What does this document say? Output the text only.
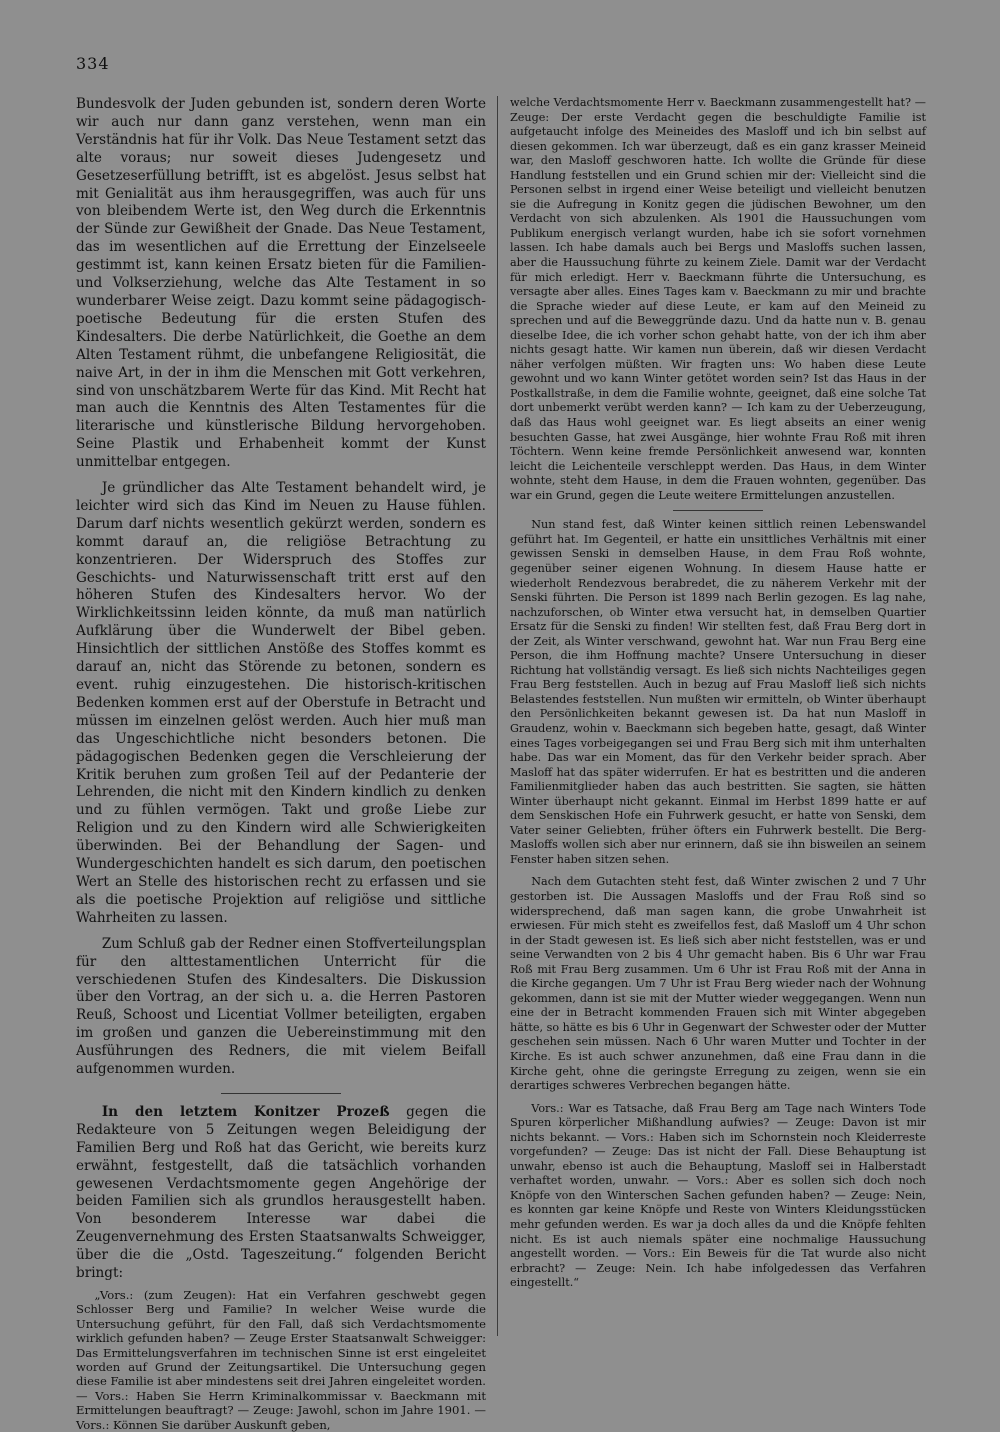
334

Bundesvolk der Juden gebunden ist, sondern deren Worte wir auch nur dann ganz verstehen, wenn man ein Verständnis hat für ihr Volk. Das Neue Testament setzt das alte voraus; nur soweit dieses Judengesetz und Gesetzeserfüllung betrifft, ist es abgelöst. Jesus selbst hat mit Genialität aus ihm herausgegriffen, was auch für uns von bleibendem Werte ist, den Weg durch die Erkenntnis der Sünde zur Gewißheit der Gnade. Das Neue Testament, das im wesentlichen auf die Errettung der Einzelseele gestimmt ist, kann keinen Ersatz bieten für die Familien- und Volkserziehung, welche das Alte Testament in so wunderbarer Weise zeigt. Dazu kommt seine pädagogisch-poetische Bedeutung für die ersten Stufen des Kindesalters. Die derbe Natürlichkeit, die Goethe an dem Alten Testament rühmt, die unbefangene Religiosität, die naive Art, in der in ihm die Menschen mit Gott verkehren, sind von unschätzbarem Werte für das Kind. Mit Recht hat man auch die Kenntnis des Alten Testamentes für die literarische und künstlerische Bildung hervorgehoben. Seine Plastik und Erhabenheit kommt der Kunst unmittelbar entgegen.

Je gründlicher das Alte Testament behandelt wird, je leichter wird sich das Kind im Neuen zu Hause fühlen. Darum darf nichts wesentlich gekürzt werden, sondern es kommt darauf an, die religiöse Betrachtung zu konzentrieren. Der Widerspruch des Stoffes zur Geschichts- und Naturwissenschaft tritt erst auf den höheren Stufen des Kindesalters hervor. Wo der Wirklichkeitssinn leiden könnte, da muß man natürlich Aufklärung über die Wunderwelt der Bibel geben. Hinsichtlich der sittlichen Anstöße des Stoffes kommt es darauf an, nicht das Störende zu betonen, sondern es event. ruhig einzugestehen. Die historisch-kritischen Bedenken kommen erst auf der Oberstufe in Betracht und müssen im einzelnen gelöst werden. Auch hier muß man das Ungeschichtliche nicht besonders betonen. Die pädagogischen Bedenken gegen die Verschleierung der Kritik beruhen zum großen Teil auf der Pedanterie der Lehrenden, die nicht mit den Kindern kindlich zu denken und zu fühlen vermögen. Takt und große Liebe zur Religion und zu den Kindern wird alle Schwierigkeiten überwinden. Bei der Behandlung der Sagen- und Wundergeschichten handelt es sich darum, den poetischen Wert an Stelle des historischen recht zu erfassen und sie als die poetische Projektion auf religiöse und sittliche Wahrheiten zu lassen.

Zum Schluß gab der Redner einen Stoffverteilungsplan für den alttestamentlichen Unterricht für die verschiedenen Stufen des Kindesalters. Die Diskussion über den Vortrag, an der sich u. a. die Herren Pastoren Reuß, Schoost und Licentiat Vollmer beteiligten, ergaben im großen und ganzen die Uebereinstimmung mit den Ausführungen des Redners, die mit vielem Beifall aufgenommen wurden.

In den letztem Konitzer Prozeß gegen die Redakteure von 5 Zeitungen wegen Beleidigung der Familien Berg und Roß hat das Gericht, wie bereits kurz erwähnt, festgestellt, daß die tatsächlich vorhanden gewesenen Verdachtsmomente gegen Angehörige der beiden Familien sich als grundlos herausgestellt haben. Von besonderem Interesse war dabei die Zeugenvernehmung des Ersten Staatsanwalts Schweigger, über die die „Ostd. Tageszeitung.“ folgenden Bericht bringt:

„Vors.: (zum Zeugen): Hat ein Verfahren geschwebt gegen Schlosser Berg und Familie? In welcher Weise wurde die Untersuchung geführt, für den Fall, daß sich Verdachtsmomente wirklich gefunden haben? — Zeuge Erster Staatsanwalt Schweigger: Das Ermittelungsverfahren im technischen Sinne ist erst eingeleitet worden auf Grund der Zeitungsartikel. Die Untersuchung gegen diese Familie ist aber mindestens seit drei Jahren eingeleitet worden. — Vors.: Haben Sie Herrn Kriminalkommissar v. Baeckmann mit Ermittelungen beauftragt? — Zeuge: Jawohl, schon im Jahre 1901. — Vors.: Können Sie darüber Auskunft geben,

welche Verdachtsmomente Herr v. Baeckmann zusammengestellt hat? — Zeuge: Der erste Verdacht gegen die beschuldigte Familie ist aufgetaucht infolge des Meineides des Masloff und ich bin selbst auf diesen gekommen. Ich war überzeugt, daß es ein ganz krasser Meineid war, den Masloff geschworen hatte. Ich wollte die Gründe für diese Handlung feststellen und ein Grund schien mir der: Vielleicht sind die Personen selbst in irgend einer Weise beteiligt und vielleicht benutzen sie die Aufregung in Konitz gegen die jüdischen Bewohner, um den Verdacht von sich abzulenken. Als 1901 die Haussuchungen vom Publikum energisch verlangt wurden, habe ich sie sofort vornehmen lassen. Ich habe damals auch bei Bergs und Masloffs suchen lassen, aber die Haussuchung führte zu keinem Ziele. Damit war der Verdacht für mich erledigt. Herr v. Baeckmann führte die Untersuchung, es versagte aber alles. Eines Tages kam v. Baeckmann zu mir und brachte die Sprache wieder auf diese Leute, er kam auf den Meineid zu sprechen und auf die Beweggründe dazu. Und da hatte nun v. B. genau dieselbe Idee, die ich vorher schon gehabt hatte, von der ich ihm aber nichts gesagt hatte. Wir kamen nun überein, daß wir diesen Verdacht näher verfolgen müßten. Wir fragten uns: Wo haben diese Leute gewohnt und wo kann Winter getötet worden sein? Ist das Haus in der Postkallstraße, in dem die Familie wohnte, geeignet, daß eine solche Tat dort unbemerkt verübt werden kann? — Ich kam zu der Ueberzeugung, daß das Haus wohl geeignet war. Es liegt abseits an einer wenig besuchten Gasse, hat zwei Ausgänge, hier wohnte Frau Roß mit ihren Töchtern. Wenn keine fremde Persönlichkeit anwesend war, konnten leicht die Leichenteile verschleppt werden. Das Haus, in dem Winter wohnte, steht dem Hause, in dem die Frauen wohnten, gegenüber. Das war ein Grund, gegen die Leute weitere Ermittelungen anzustellen.

Nun stand fest, daß Winter keinen sittlich reinen Lebenswandel geführt hat. Im Gegenteil, er hatte ein unsittliches Verhältnis mit einer gewissen Senski in demselben Hause, in dem Frau Roß wohnte, gegenüber seiner eigenen Wohnung. In diesem Hause hatte er wiederholt Rendezvous berabredet, die zu näherem Verkehr mit der Senski führten. Die Person ist 1899 nach Berlin gezogen. Es lag nahe, nachzuforschen, ob Winter etwa versucht hat, in demselben Quartier Ersatz für die Senski zu finden! Wir stellten fest, daß Frau Berg dort in der Zeit, als Winter verschwand, gewohnt hat. War nun Frau Berg eine Person, die ihm Hoffnung machte? Unsere Untersuchung in dieser Richtung hat vollständig versagt. Es ließ sich nichts Nachteiliges gegen Frau Berg feststellen. Auch in bezug auf Frau Masloff ließ sich nichts Belastendes feststellen. Nun mußten wir ermitteln, ob Winter überhaupt den Persönlichkeiten bekannt gewesen ist. Da hat nun Masloff in Graudenz, wohin v. Baeckmann sich begeben hatte, gesagt, daß Winter eines Tages vorbeigegangen sei und Frau Berg sich mit ihm unterhalten habe. Das war ein Moment, das für den Verkehr beider sprach. Aber Masloff hat das später widerrufen. Er hat es bestritten und die anderen Familienmitglieder haben das auch bestritten. Sie sagten, sie hätten Winter überhaupt nicht gekannt. Einmal im Herbst 1899 hatte er auf dem Senskischen Hofe ein Fuhrwerk gesucht, er hatte von Senski, dem Vater seiner Geliebten, früher öfters ein Fuhrwerk bestellt. Die Berg-Masloffs wollen sich aber nur erinnern, daß sie ihn bisweilen an seinem Fenster haben sitzen sehen.

Nach dem Gutachten steht fest, daß Winter zwischen 2 und 7 Uhr gestorben ist. Die Aussagen Masloffs und der Frau Roß sind so widersprechend, daß man sagen kann, die grobe Unwahrheit ist erwiesen. Für mich steht es zweifellos fest, daß Masloff um 4 Uhr schon in der Stadt gewesen ist. Es ließ sich aber nicht feststellen, was er und seine Verwandten von 2 bis 4 Uhr gemacht haben. Bis 6 Uhr war Frau Roß mit Frau Berg zusammen. Um 6 Uhr ist Frau Roß mit der Anna in die Kirche gegangen. Um 7 Uhr ist Frau Berg wieder nach der Wohnung gekommen, dann ist sie mit der Mutter wieder weggegangen. Wenn nun eine der in Betracht kommenden Frauen sich mit Winter abgegeben hätte, so hätte es bis 6 Uhr in Gegenwart der Schwester oder der Mutter geschehen sein müssen. Nach 6 Uhr waren Mutter und Tochter in der Kirche. Es ist auch schwer anzunehmen, daß eine Frau dann in die Kirche geht, ohne die geringste Erregung zu zeigen, wenn sie ein derartiges schweres Verbrechen begangen hätte.

Vors.: War es Tatsache, daß Frau Berg am Tage nach Winters Tode Spuren körperlicher Mißhandlung aufwies? — Zeuge: Davon ist mir nichts bekannt. — Vors.: Haben sich im Schornstein noch Kleiderreste vorgefunden? — Zeuge: Das ist nicht der Fall. Diese Behauptung ist unwahr, ebenso ist auch die Behauptung, Masloff sei in Halberstadt verhaftet worden, unwahr. — Vors.: Aber es sollen sich doch noch Knöpfe von den Winterschen Sachen gefunden haben? — Zeuge: Nein, es konnten gar keine Knöpfe und Reste von Winters Kleidungsstücken mehr gefunden werden. Es war ja doch alles da und die Knöpfe fehlten nicht. Es ist auch niemals später eine nochmalige Haussuchung angestellt worden. — Vors.: Ein Beweis für die Tat wurde also nicht erbracht? — Zeuge: Nein. Ich habe infolgedessen das Verfahren eingestellt.“
